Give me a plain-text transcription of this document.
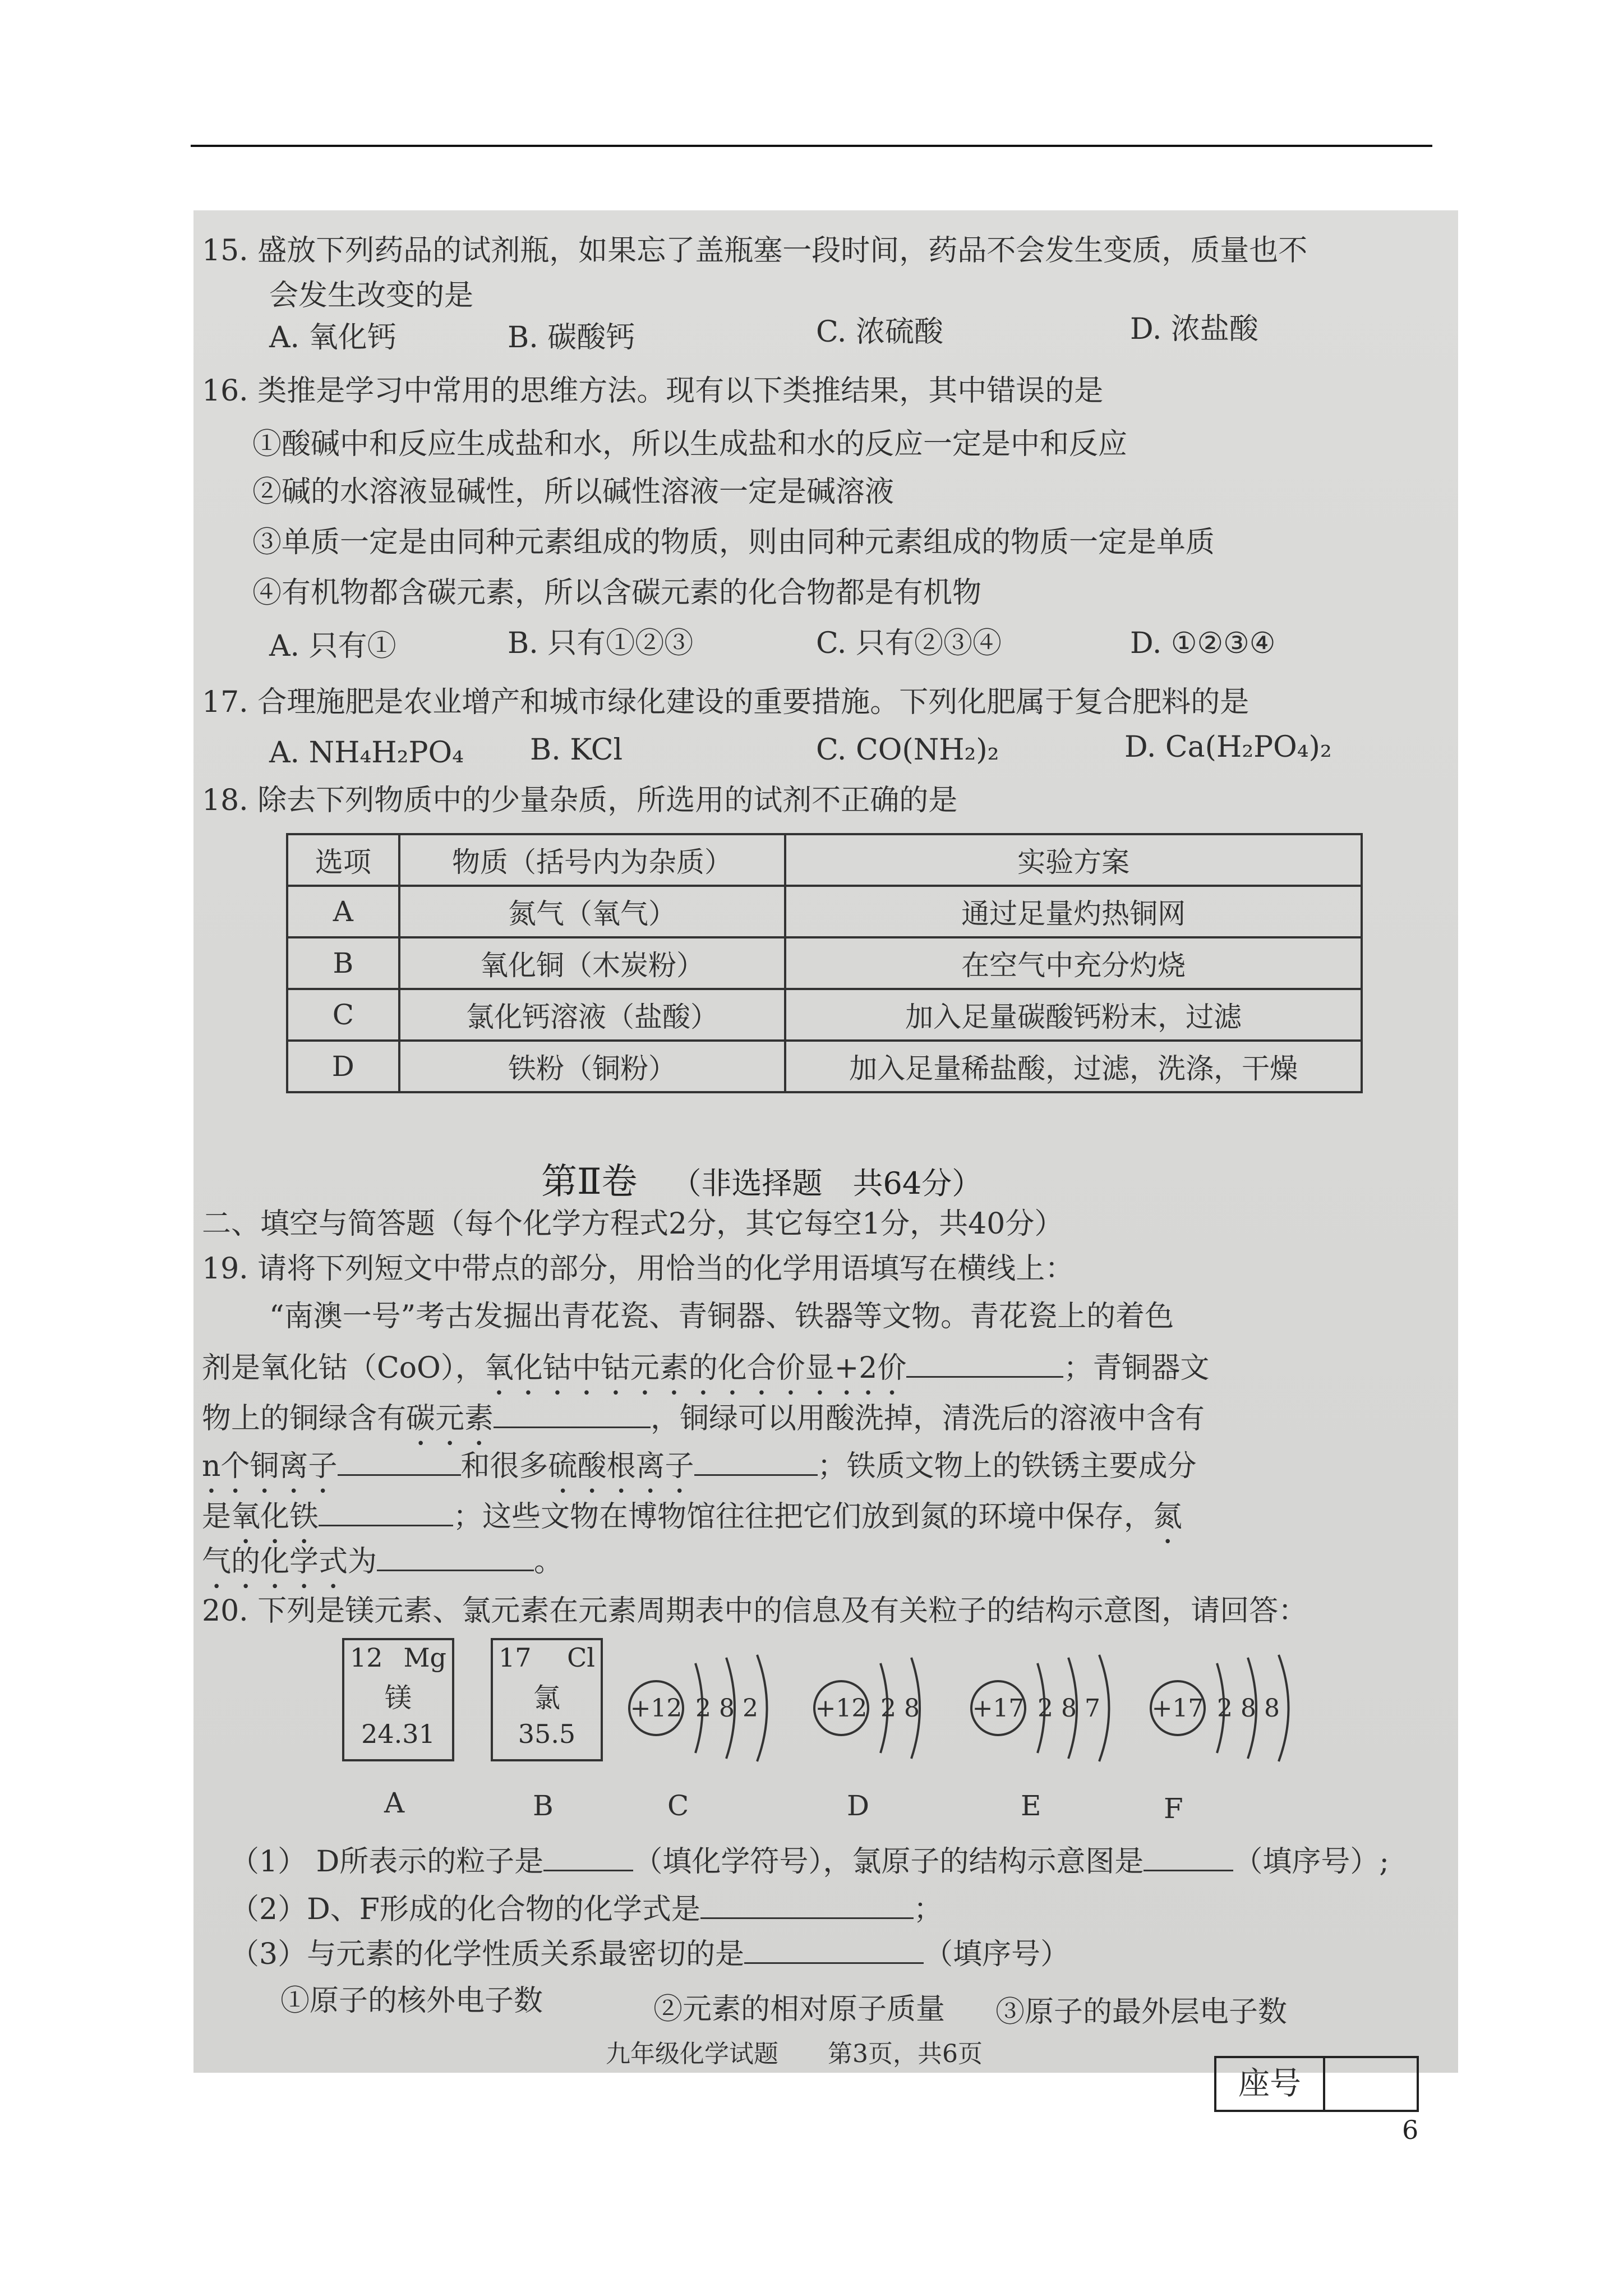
15. 盛放下列药品的试剂瓶，如果忘了盖瓶塞一段时间，药品不会发生变质，质量也不
会发生改变的是
A. 氧化钙	B. 碳酸钙	C. 浓硫酸	D. 浓盐酸
16. 类推是学习中常用的思维方法。现有以下类推结果，其中错误的是
①酸碱中和反应生成盐和水，所以生成盐和水的反应一定是中和反应
②碱的水溶液显碱性，所以碱性溶液一定是碱溶液
③单质一定是由同种元素组成的物质，则由同种元素组成的物质一定是单质
④有机物都含碳元素，所以含碳元素的化合物都是有机物
A. 只有①	B. 只有①②③	C. 只有②③④	D. ①②③④
17. 合理施肥是农业增产和城市绿化建设的重要措施。下列化肥属于复合肥料的是
A. NH₄H₂PO₄ B. KCl	C. CO(NH₂)₂	D. Ca(H₂PO₄)₂
18. 除去下列物质中的少量杂质，所选用的试剂不正确的是
选项	物质（括号内为杂质）	实验方案
A	氮气（氧气）	通过足量灼热铜网
B	氧化铜（木炭粉）	在空气中充分灼烧
C	氯化钙溶液（盐酸）	加入足量碳酸钙粉末，过滤
D	铁粉（铜粉）	加入足量稀盐酸，过滤，洗涤，干燥
第Ⅱ卷 （非选择题　共64分）
二、填空与简答题（每个化学方程式2分，其它每空1分，共40分）
19. 请将下列短文中带点的部分，用恰当的化学用语填写在横线上：
“南澳一号”考古发掘出青花瓷、青铜器、铁器等文物。青花瓷上的着色
剂是氧化钴（CoO），氧化钴中钴元素的化合价显+2价	；青铜器文
物上的铜绿含有碳元素	，铜绿可以用酸洗掉，清洗后的溶液中含有
n个铜离子	和很多硫酸根离子	；铁质文物上的铁锈主要成分
是氧化铁	；这些文物在博物馆往往把它们放到氮的环境中保存，氮
气的化学式为	。
20. 下列是镁元素、氯元素在元素周期表中的信息及有关粒子的结构示意图，请回答：
12 Mg
镁
24.31
17 Cl
氯
35.5
A	B
+12 2 8 2
C
+12 2 8
D
+17 2 8 7
E
+17 2 8 8
F
（1） D所表示的粒子是	（填化学符号），氯原子的结构示意图是	（填序号）;
（2）D、F形成的化合物的化学式是	；
（3）与元素的化学性质关系最密切的是	（填序号）
①原子的核外电子数	②元素的相对原子质量 ③原子的最外层电子数
九年级化学试题　　第3页，共6页
座号
6
